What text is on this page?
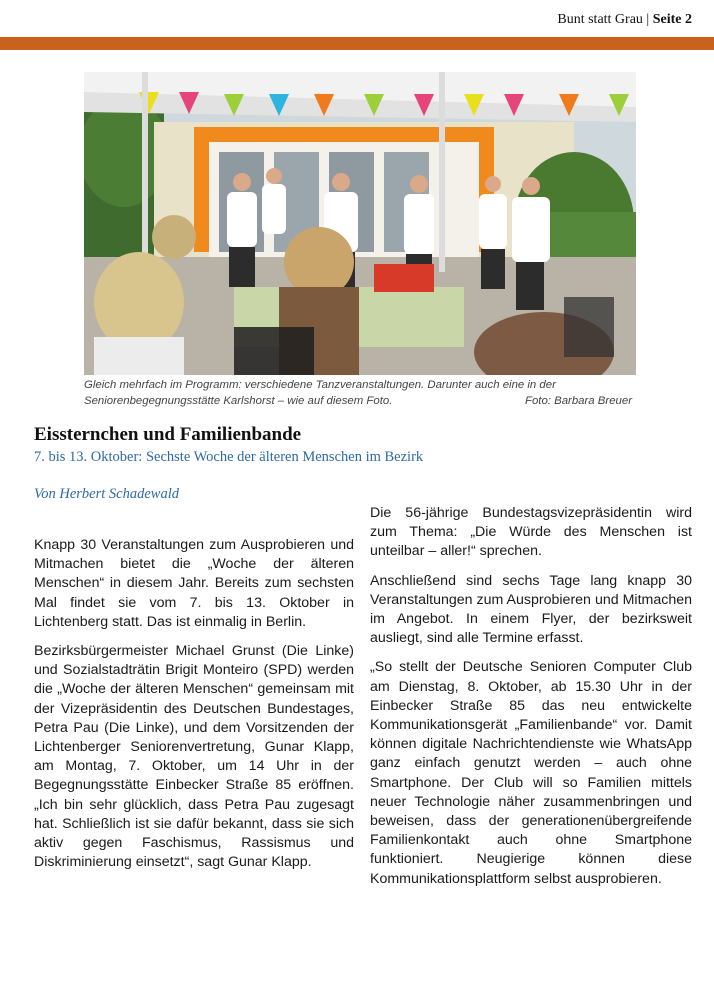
Bunt statt Grau | Seite 2
Gleich mehrfach im Programm: verschiedene Tanzveranstaltungen. Darunter auch eine in der Seniorenbegegnungsstätte Karlshorst – wie auf diesem Foto.	Foto: Barbara Breuer
Eissternchen und Familienbande
7. bis 13. Oktober: Sechste Woche der älteren Menschen im Bezirk
Von Herbert Schadewald

Knapp 30 Veranstaltungen zum Ausprobieren und Mitmachen bietet die „Woche der älteren Menschen“ in diesem Jahr. Bereits zum sechsten Mal findet sie vom 7. bis 13. Oktober in Lichtenberg statt. Das ist einmalig in Berlin.

Bezirksbürgermeister Michael Grunst (Die Linke) und Sozialstadträtin Brigit Monteiro (SPD) werden die „Woche der älteren Menschen“ gemeinsam mit der Vizepräsidentin des Deutschen Bundestages, Petra Pau (Die Linke), und dem Vorsitzenden der Lichtenberger Seniorenvertretung, Gunar Klapp, am Montag, 7. Oktober, um 14 Uhr in der Begegnungsstätte Einbecker Straße 85 eröffnen. „Ich bin sehr glücklich, dass Petra Pau zugesagt hat. Schließlich ist sie dafür bekannt, dass sie sich aktiv gegen Faschismus, Rassismus und Diskriminierung einsetzt“, sagt Gunar Klapp.

Die 56-jährige Bundestagsvizepräsidentin wird zum Thema: „Die Würde des Menschen ist unteilbar – aller!“ sprechen.

Anschließend sind sechs Tage lang knapp 30 Veranstaltungen zum Ausprobieren und Mitmachen im Angebot. In einem Flyer, der bezirksweit ausliegt, sind alle Termine erfasst.

„So stellt der Deutsche Senioren Computer Club am Dienstag, 8. Oktober, ab 15.30 Uhr in der Einbecker Straße 85 das neu entwickelte Kommunikationsgerät „Familienbande“ vor. Damit können digitale Nachrichtendienste wie WhatsApp ganz einfach genutzt werden – auch ohne Smartphone. Der Club will so Familien mittels neuer Technologie näher zusammenbringen und beweisen, dass der generationenübergreifende Familienkontakt auch ohne Smartphone funktioniert. Neugierige können diese Kommunikationsplattform selbst ausprobieren.
